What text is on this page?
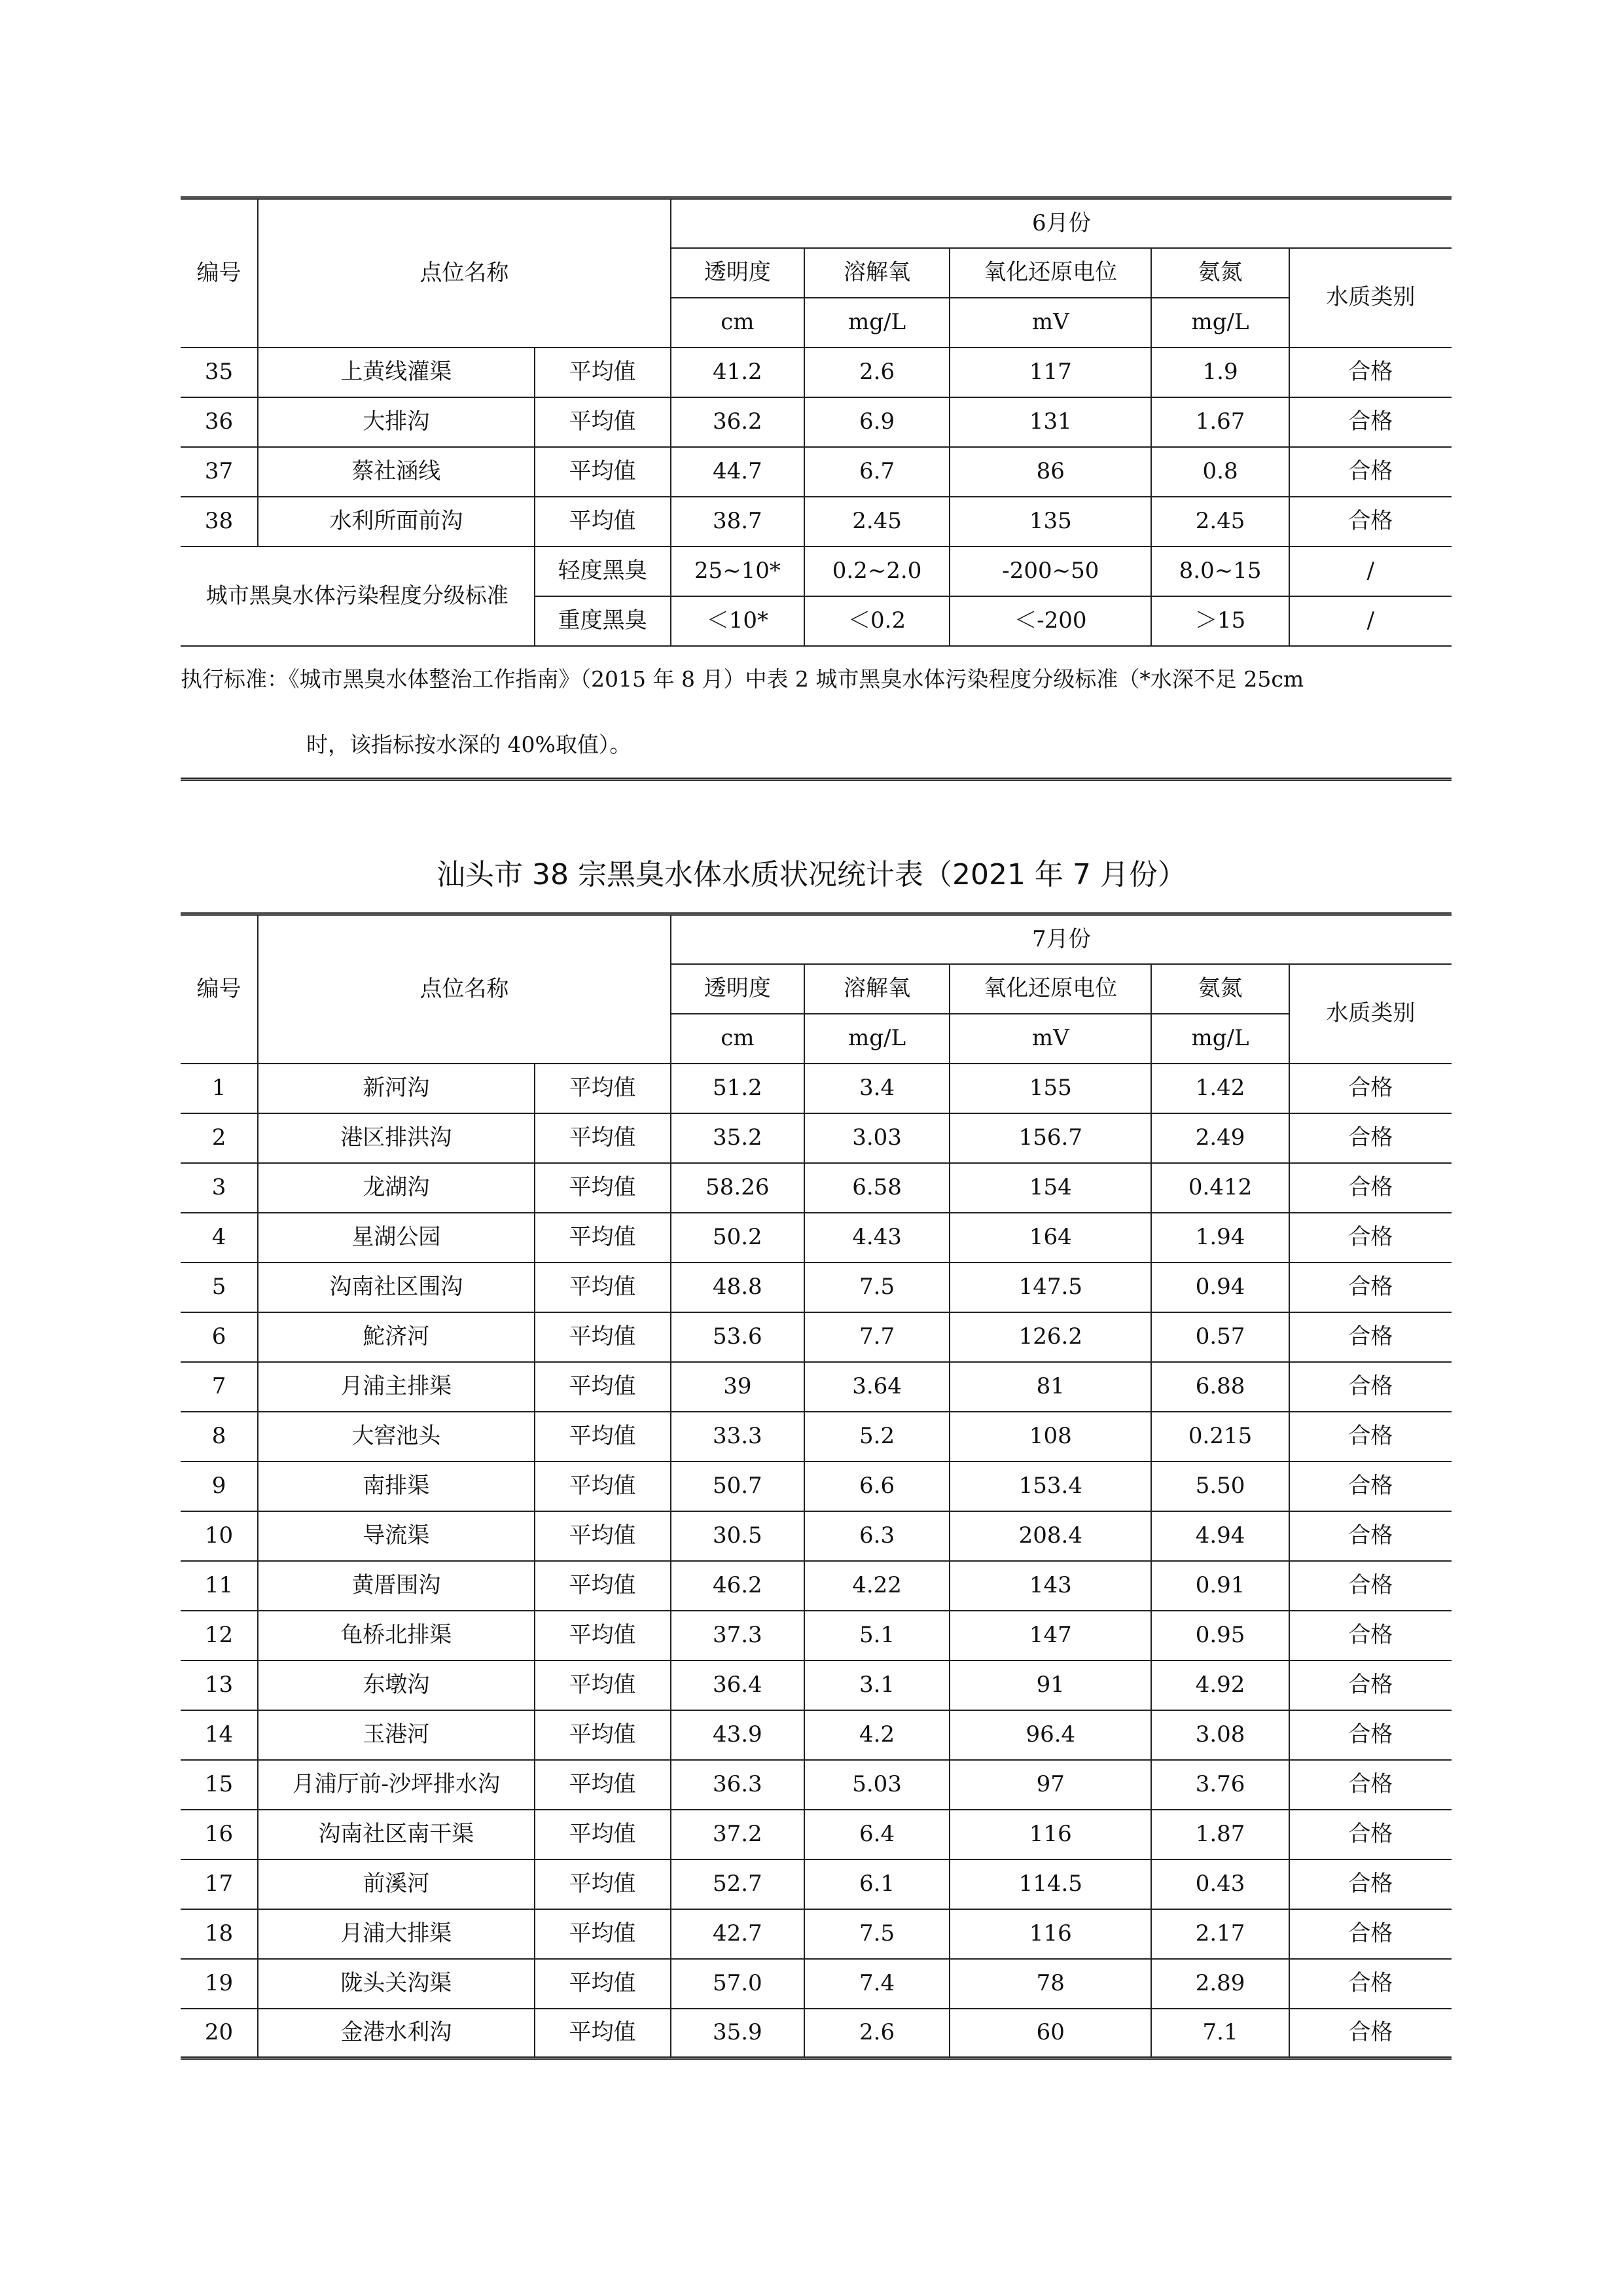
编号	点位名称		6月份				
			透明度	溶解氧	氧化还原电位	氨氮	水质类别
			cm	mg/L	mV	mg/L	
35	上黄线灌渠	平均值	41.2	2.6	117	1.9	合格
36	大排沟	平均值	36.2	6.9	131	1.67	合格
37	蔡社涵线	平均值	44.7	6.7	86	0.8	合格
38	水利所面前沟	平均值	38.7	2.45	135	2.45	合格
城市黑臭水体污染程度分级标准		轻度黑臭	25~10*	0.2~2.0	-200~50	8.0~15	/
		重度黑臭	＜10*	＜0.2	＜-200	＞15	/

执行标准：《城市黑臭水体整治工作指南》（2015 年 8 月）中表 2 城市黑臭水体污染程度分级标准（*水深不足 25cm
时，该指标按水深的 40%取值）。							
汕头市 38 宗黑臭水体水质状况统计表（2021 年 7 月份）
编号	点位名称		7月份				
			透明度	溶解氧	氧化还原电位	氨氮	水质类别
			cm	mg/L	mV	mg/L	
1	新河沟	平均值	51.2	3.4	155	1.42	合格
2	港区排洪沟	平均值	35.2	3.03	156.7	2.49	合格
3	龙湖沟	平均值	58.26	6.58	154	0.412	合格
4	星湖公园	平均值	50.2	4.43	164	1.94	合格
5	沟南社区围沟	平均值	48.8	7.5	147.5	0.94	合格
6	鮀济河	平均值	53.6	7.7	126.2	0.57	合格
7	月浦主排渠	平均值	39	3.64	81	6.88	合格
8	大窖池头	平均值	33.3	5.2	108	0.215	合格
9	南排渠	平均值	50.7	6.6	153.4	5.50	合格
10	导流渠	平均值	30.5	6.3	208.4	4.94	合格
11	黄厝围沟	平均值	46.2	4.22	143	0.91	合格
12	龟桥北排渠	平均值	37.3	5.1	147	0.95	合格
13	东墩沟	平均值	36.4	3.1	91	4.92	合格
14	玉港河	平均值	43.9	4.2	96.4	3.08	合格
15	月浦厅前-沙坪排水沟	平均值	36.3	5.03	97	3.76	合格
16	沟南社区南干渠	平均值	37.2	6.4	116	1.87	合格
17	前溪河	平均值	52.7	6.1	114.5	0.43	合格
18	月浦大排渠	平均值	42.7	7.5	116	2.17	合格
19	陇头关沟渠	平均值	57.0	7.4	78	2.89	合格
20	金港水利沟	平均值	35.9	2.6	60	7.1	合格
